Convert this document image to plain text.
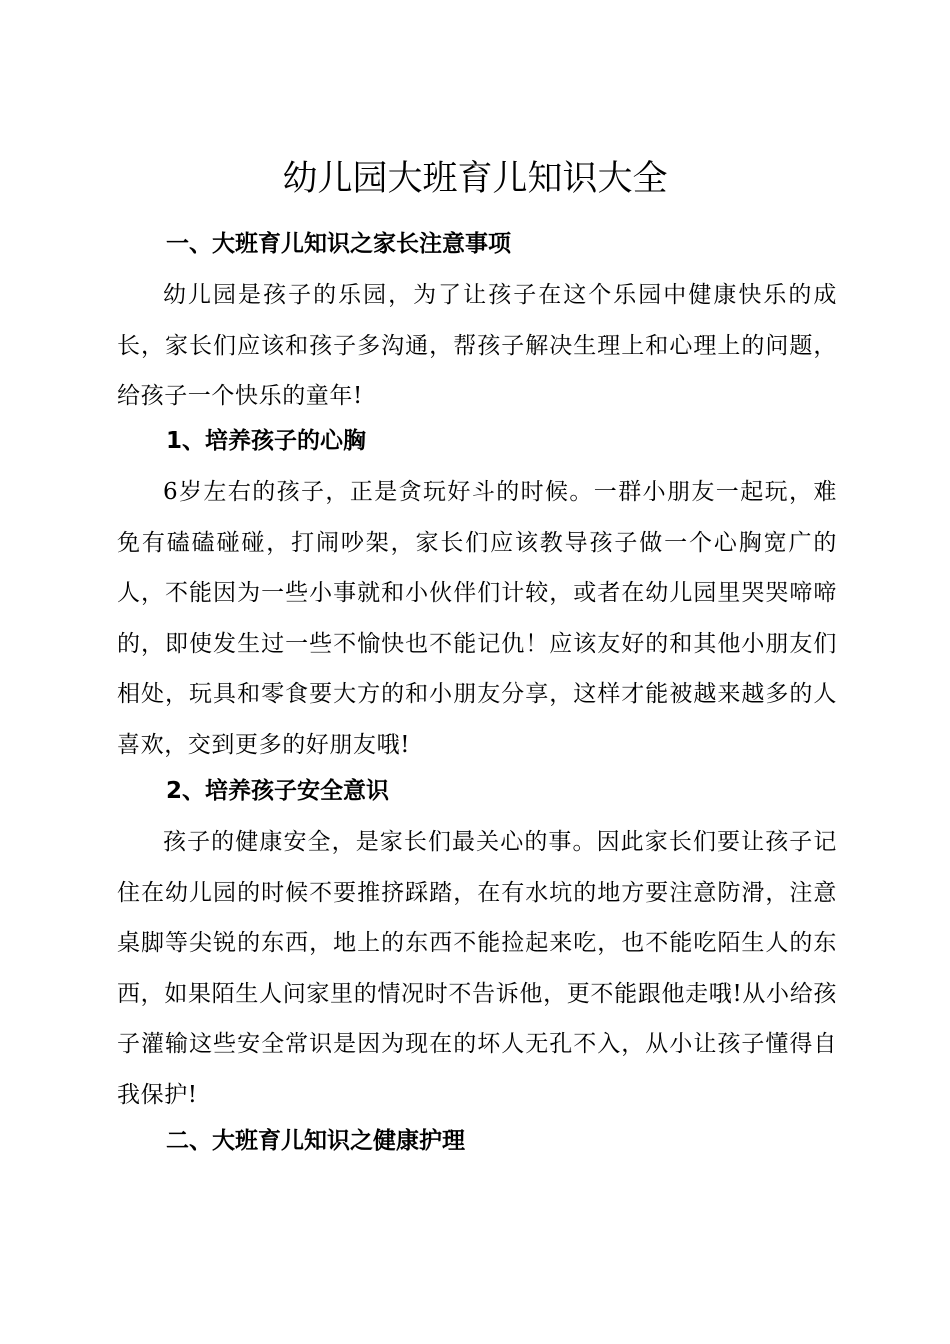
幼儿园大班育儿知识大全
一、大班育儿知识之家长注意事项

幼儿园是孩子的乐园，为了让孩子在这个乐园中健康快乐的成长，家长们应该和孩子多沟通，帮孩子解决生理上和心理上的问题，给孩子一个快乐的童年!

1、培养孩子的心胸

6岁左右的孩子，正是贪玩好斗的时候。一群小朋友一起玩，难免有磕磕碰碰，打闹吵架，家长们应该教导孩子做一个心胸宽广的人，不能因为一些小事就和小伙伴们计较，或者在幼儿园里哭哭啼啼的，即使发生过一些不愉快也不能记仇！应该友好的和其他小朋友们相处，玩具和零食要大方的和小朋友分享，这样才能被越来越多的人喜欢，交到更多的好朋友哦!

2、培养孩子安全意识

孩子的健康安全，是家长们最关心的事。因此家长们要让孩子记住在幼儿园的时候不要推挤踩踏，在有水坑的地方要注意防滑，注意桌脚等尖锐的东西，地上的东西不能捡起来吃，也不能吃陌生人的东西，如果陌生人问家里的情况时不告诉他，更不能跟他走哦!从小给孩子灌输这些安全常识是因为现在的坏人无孔不入，从小让孩子懂得自我保护!

二、大班育儿知识之健康护理
